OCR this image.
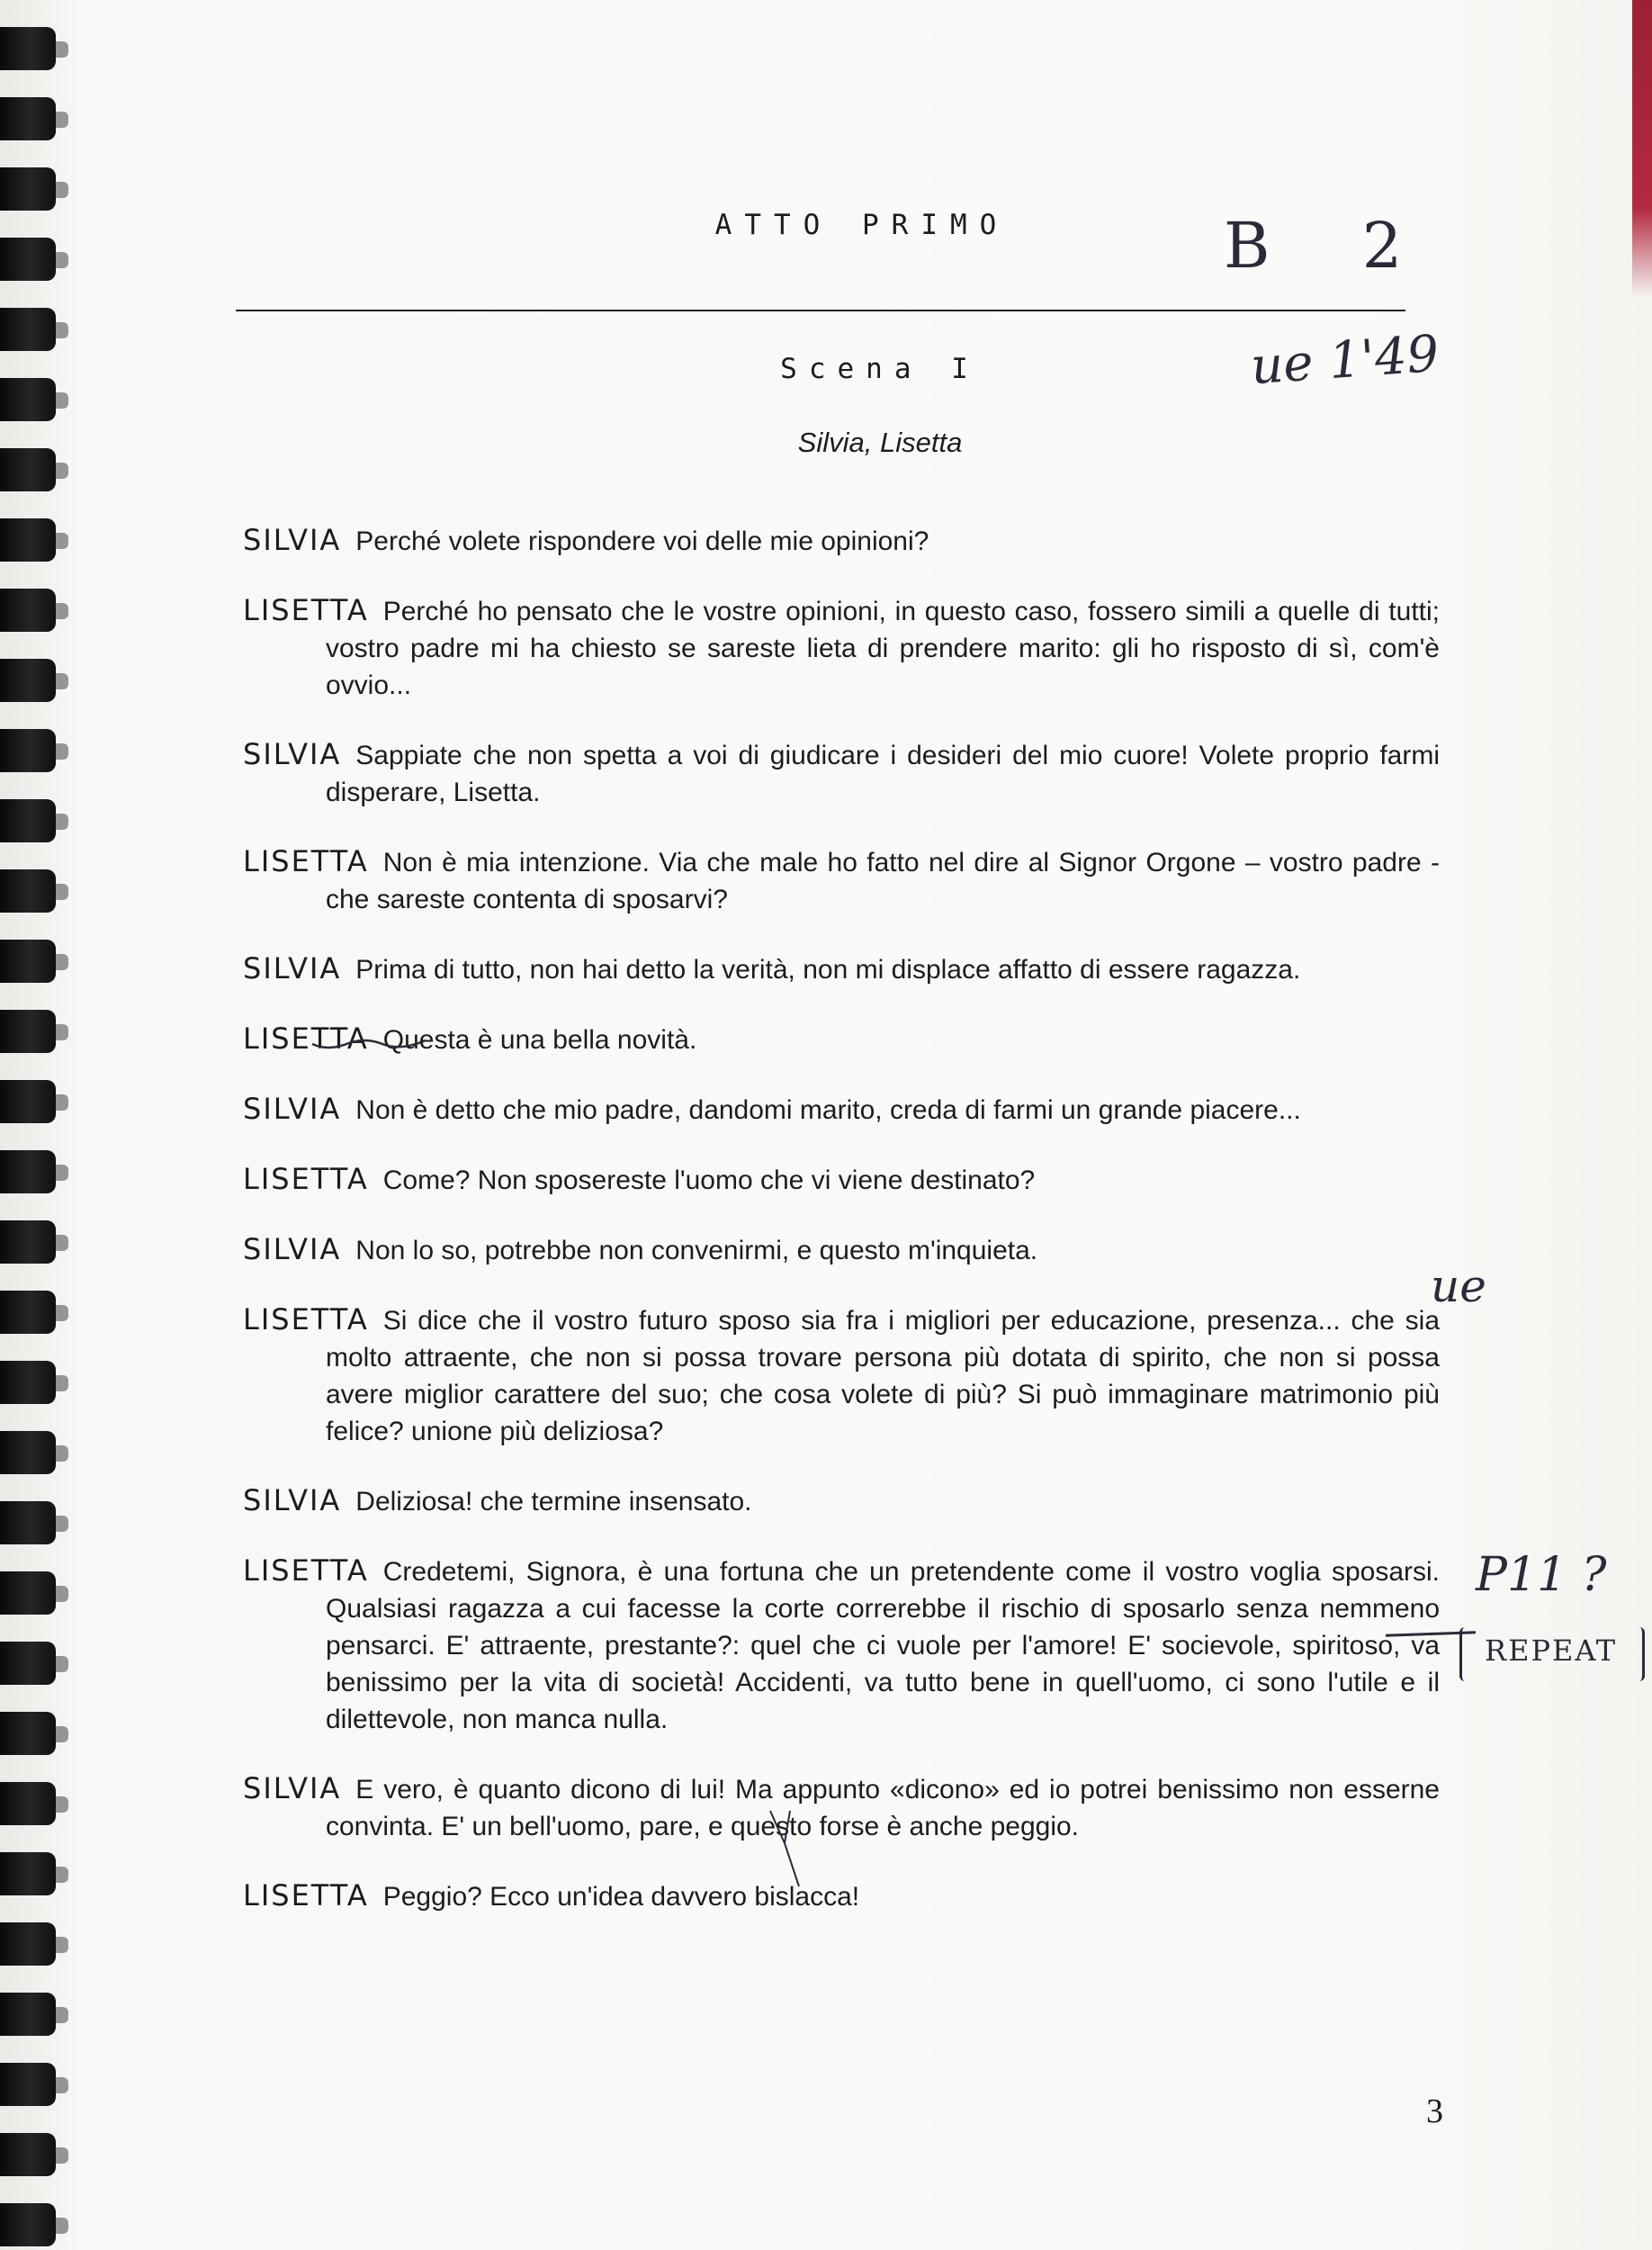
ATTO PRIMO
Scena I
Silvia, Lisetta

SILVIA Perché volete rispondere voi delle mie opinioni?

LISETTA Perché ho pensato che le vostre opinioni, in questo caso, fossero simili a quelle di tutti; vostro padre mi ha chiesto se sareste lieta di prendere marito: gli ho risposto di sì, com'è ovvio...

SILVIA Sappiate che non spetta a voi di giudicare i desideri del mio cuore! Volete proprio farmi disperare, Lisetta.

LISETTA Non è mia intenzione. Via che male ho fatto nel dire al Signor Orgone – vostro padre - che sareste contenta di sposarvi?

SILVIA Prima di tutto, non hai detto la verità, non mi displace affatto di essere ragazza.

LISETTA Questa è una bella novità.

SILVIA Non è detto che mio padre, dandomi marito, creda di farmi un grande piacere...

LISETTA Come? Non sposereste l'uomo che vi viene destinato?

SILVIA Non lo so, potrebbe non convenirmi, e questo m'inquieta.

LISETTA Si dice che il vostro futuro sposo sia fra i migliori per educazione, presenza... che sia molto attraente, che non si possa trovare persona più dotata di spirito, che non si possa avere miglior carattere del suo; che cosa volete di più? Si può immaginare matrimonio più felice? unione più deliziosa?

SILVIA Deliziosa! che termine insensato.

LISETTA Credetemi, Signora, è una fortuna che un pretendente come il vostro voglia sposarsi. Qualsiasi ragazza a cui facesse la corte correrebbe il rischio di sposarlo senza nemmeno pensarci. E' attraente, prestante?: quel che ci vuole per l'amore! E' socievole, spiritoso, va benissimo per la vita di società! Accidenti, va tutto bene in quell'uomo, ci sono l'utile e il dilettevole, non manca nulla.

SILVIA E vero, è quanto dicono di lui! Ma appunto «dicono» ed io potrei benissimo non esserne convinta. E' un bell'uomo, pare, e questo forse è anche peggio.

LISETTA Peggio? Ecco un'idea davvero bislacca!

B 2
ue 1'49
ue
P11 ?
REPEAT
3
